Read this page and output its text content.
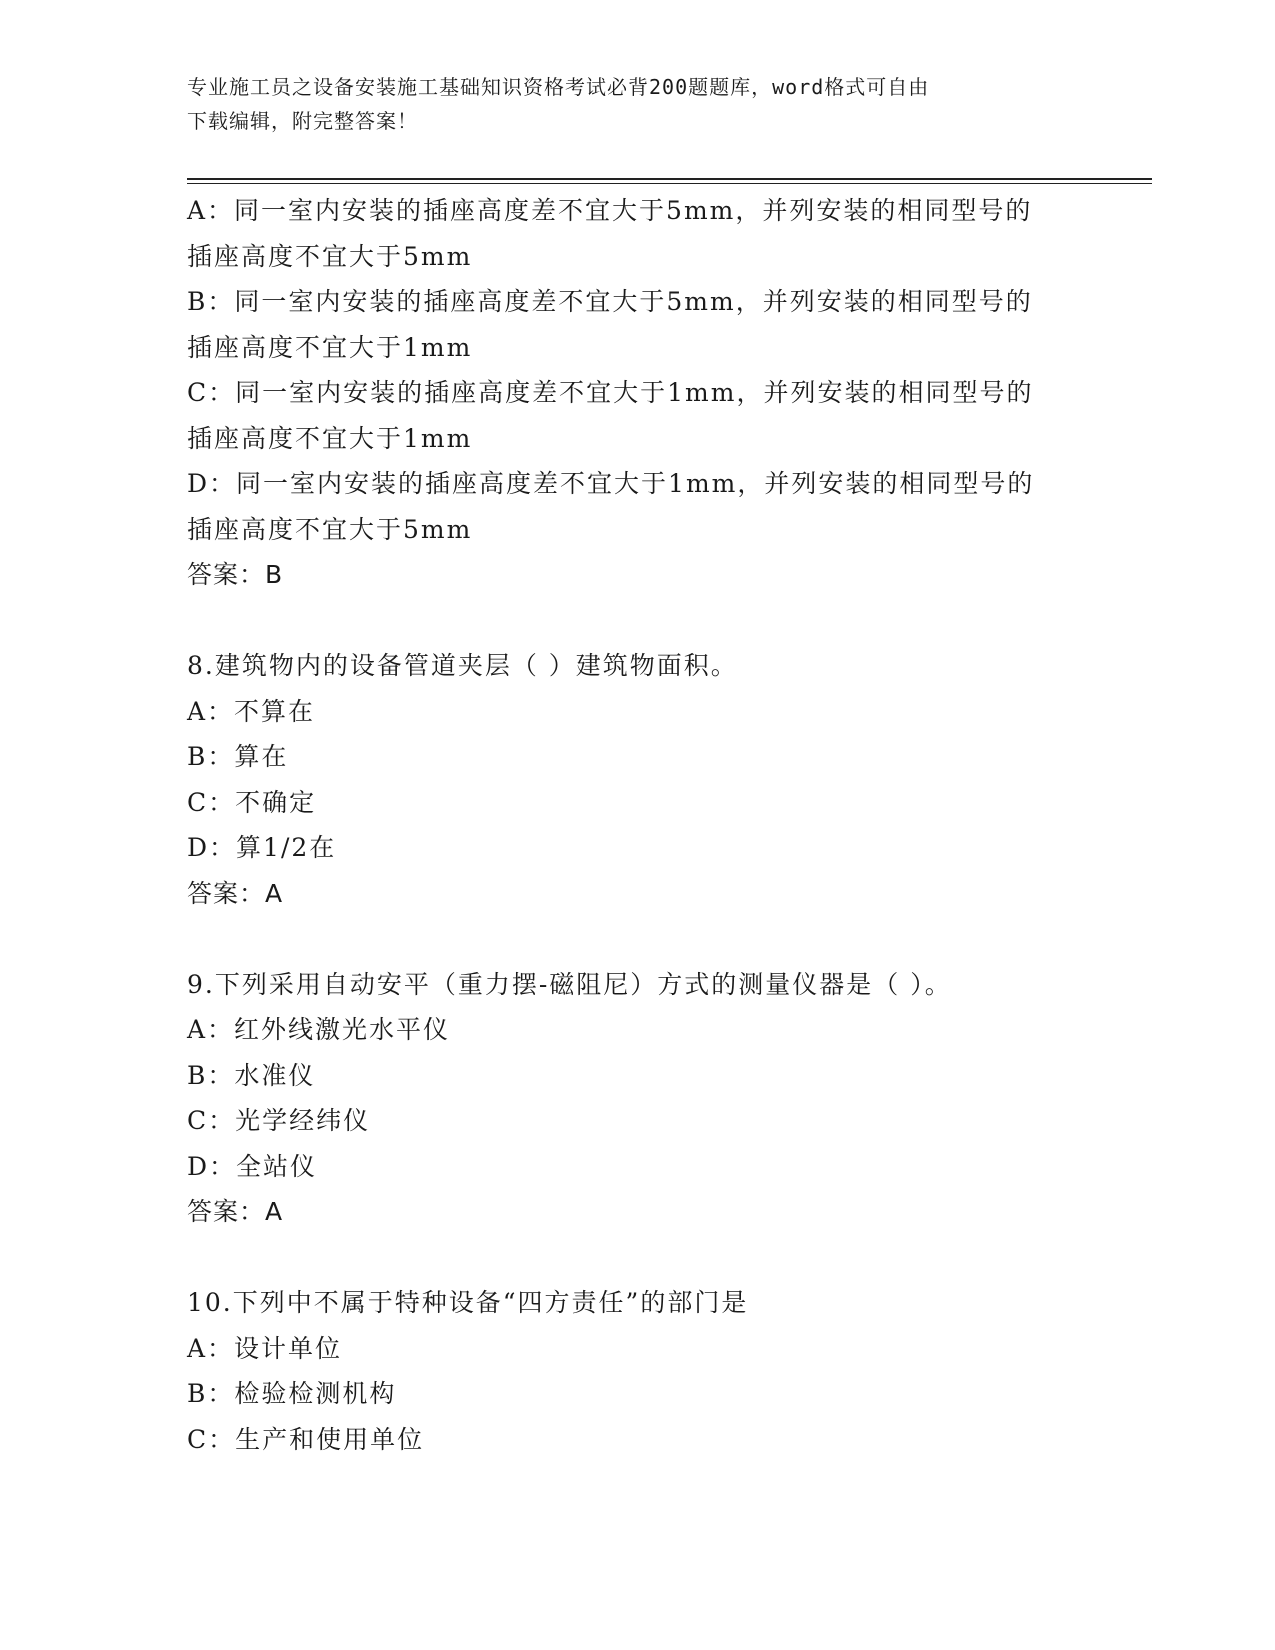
专业施工员之设备安装施工基础知识资格考试必背200题题库，word格式可自由
下载编辑，附完整答案！
A：同一室内安装的插座高度差不宜大于5mm，并列安装的相同型号的
插座高度不宜大于5mm
B：同一室内安装的插座高度差不宜大于5mm，并列安装的相同型号的
插座高度不宜大于1mm
C：同一室内安装的插座高度差不宜大于1mm，并列安装的相同型号的
插座高度不宜大于1mm
D：同一室内安装的插座高度差不宜大于1mm，并列安装的相同型号的
插座高度不宜大于5mm
答案：B
8.建筑物内的设备管道夹层（ ）建筑物面积。
A：不算在
B：算在
C：不确定
D：算1/2在
答案：A
9.下列采用自动安平（重力摆-磁阻尼）方式的测量仪器是（ ）。
A：红外线激光水平仪
B：水准仪
C：光学经纬仪
D：全站仪
答案：A
10.下列中不属于特种设备“四方责任”的部门是
A：设计单位
B：检验检测机构
C：生产和使用单位
